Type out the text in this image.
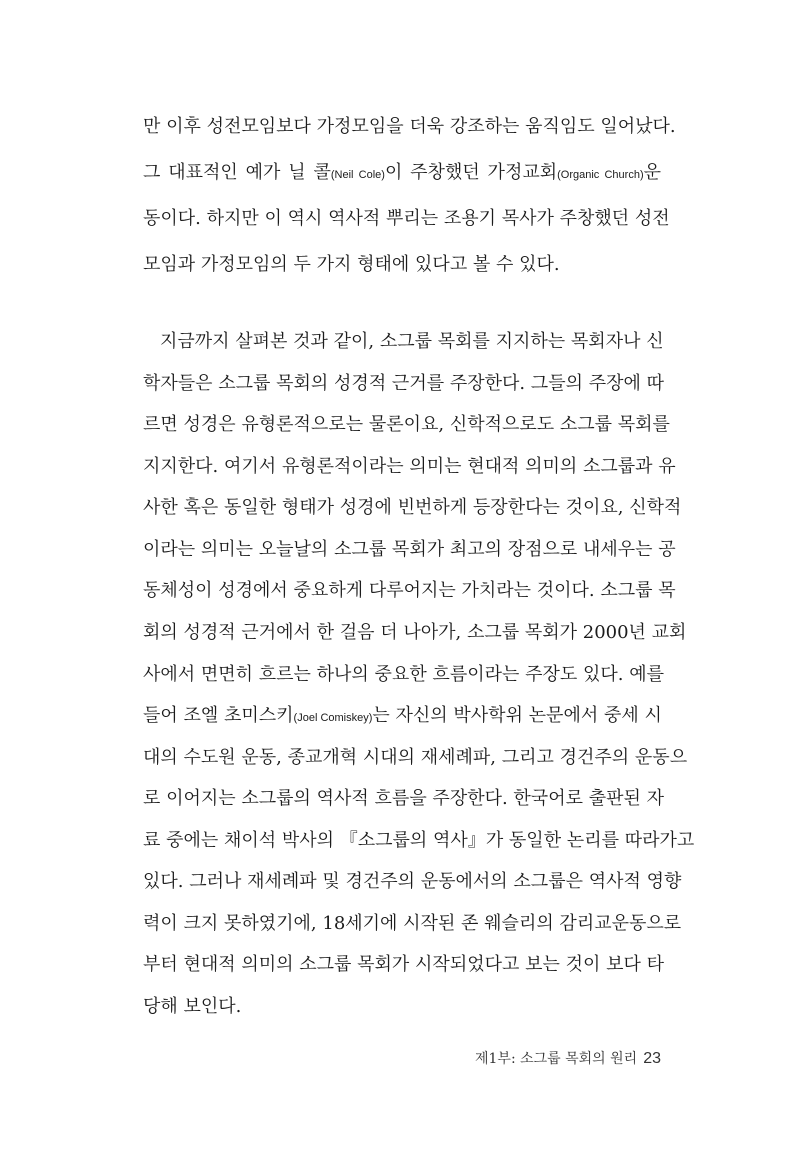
만 이후 성전모임보다 가정모임을 더욱 강조하는 움직임도 일어났다.
그 대표적인 예가 닐 콜(Neil Cole)이 주창했던 가정교회(Organic Church)운
동이다. 하지만 이 역시 역사적 뿌리는 조용기 목사가 주창했던 성전
모임과 가정모임의 두 가지 형태에 있다고 볼 수 있다.
지금까지 살펴본 것과 같이, 소그룹 목회를 지지하는 목회자나 신
학자들은 소그룹 목회의 성경적 근거를 주장한다. 그들의 주장에 따
르면 성경은 유형론적으로는 물론이요, 신학적으로도 소그룹 목회를
지지한다. 여기서 유형론적이라는 의미는 현대적 의미의 소그룹과 유
사한 혹은 동일한 형태가 성경에 빈번하게 등장한다는 것이요, 신학적
이라는 의미는 오늘날의 소그룹 목회가 최고의 장점으로 내세우는 공
동체성이 성경에서 중요하게 다루어지는 가치라는 것이다. 소그룹 목
회의 성경적 근거에서 한 걸음 더 나아가, 소그룹 목회가 2000년 교회
사에서 면면히 흐르는 하나의 중요한 흐름이라는 주장도 있다. 예를
들어 조엘 초미스키(Joel Comiskey)는 자신의 박사학위 논문에서 중세 시
대의 수도원 운동, 종교개혁 시대의 재세례파, 그리고 경건주의 운동으
로 이어지는 소그룹의 역사적 흐름을 주장한다. 한국어로 출판된 자
료 중에는 채이석 박사의 『소그룹의 역사』가 동일한 논리를 따라가고
있다. 그러나 재세례파 및 경건주의 운동에서의 소그룹은 역사적 영향
력이 크지 못하였기에, 18세기에 시작된 존 웨슬리의 감리교운동으로
부터 현대적 의미의 소그룹 목회가 시작되었다고 보는 것이 보다 타
당해 보인다.
제1부: 소그룹 목회의 원리 23
